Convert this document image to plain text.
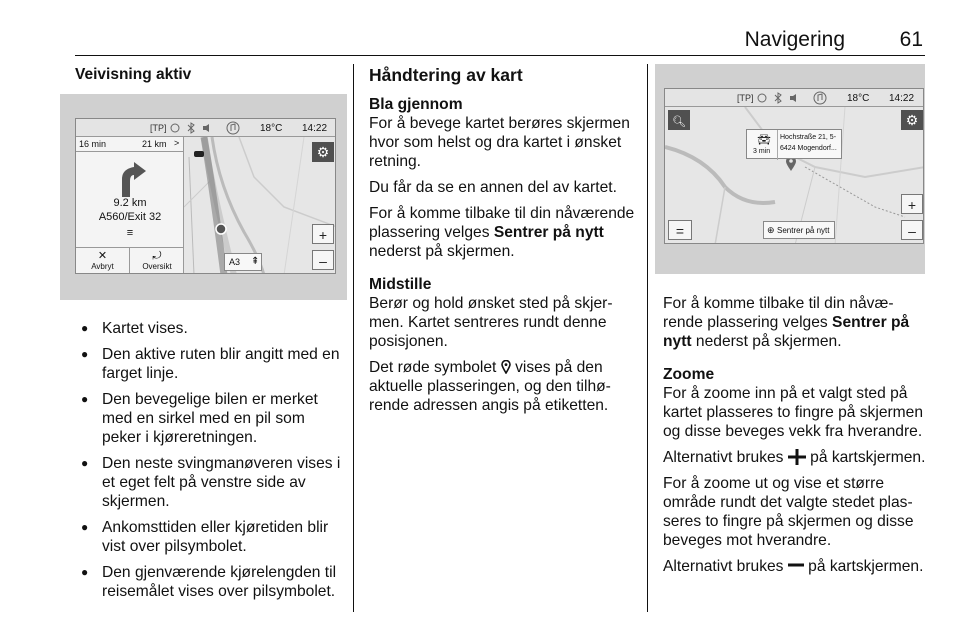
Navigering	61
Veivisning aktiv
[TP]	18°C 14:22
16 min	21 km >
9.2 km
A560/Exit 32
≡
✕
Avbryt
⤾
Oversikt
⚙
+
–
A3 ⇞
● Kartet vises.
● Den aktive ruten blir angitt med en farget linje.
● Den bevegelige bilen er merket med en sirkel med en pil som peker i kjøreretningen.
● Den neste svingmanøveren vises i et eget felt på venstre side av skjermen.
● Ankomsttiden eller kjøretiden blir vist over pilsymbolet.
● Den gjenværende kjørelengden til reisemålet vises over pilsymbolet.
Håndtering av kart
Bla gjennom
For å bevege kartet berøres skjermen hvor som helst og dra kartet i ønsket retning.
Du får da se en annen del av kartet.
For å komme tilbake til din nåværende plassering velges Sentrer på nytt nederst på skjermen.
Midstille
Berør og hold ønsket sted på skjermen. Kartet sentreres rundt denne posisjonen.
Det røde symbolet  vises på den aktuelle plasseringen, og den tilhørende adressen angis på etiketten.
[TP]	18°C 14:22
🔍︎	⚙
🚘︎
3 min
Hochstraße 21, 5-
6424 Mogendorf...
+
–
=	⊕ Sentrer på nytt
For å komme tilbake til din nåværende plassering velges Sentrer på nytt nederst på skjermen.
Zoome
For å zoome inn på et valgt sted på kartet plasseres to fingre på skjermen og disse beveges vekk fra hverandre.
Alternativt brukes  på kartskjermen.
For å zoome ut og vise et større område rundt det valgte stedet plasseres to fingre på skjermen og disse beveges mot hverandre.
Alternativt brukes  på kartskjermen.
